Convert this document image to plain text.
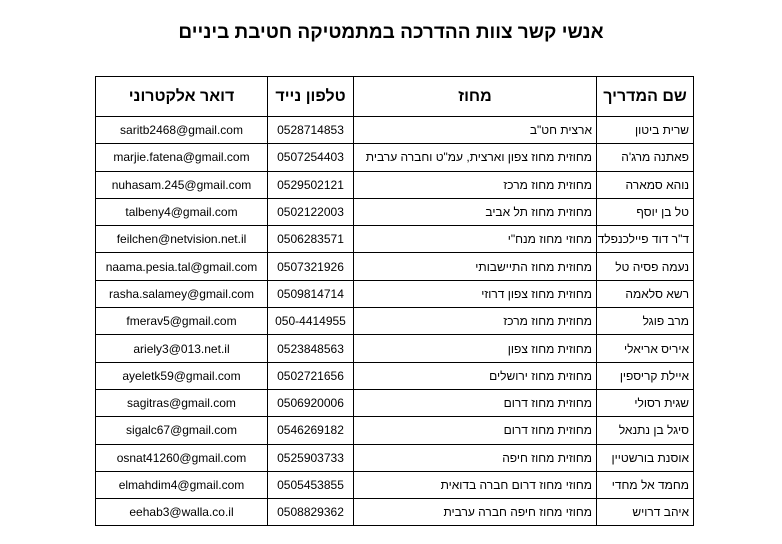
אנשי קשר צוות ההדרכה במתמטיקה חטיבת ביניים
שם המדריך	מחוז	טלפון נייד	דואר אלקטרוני
שרית ביטון	ארצית חט"ב	0528714853	saritb2468@gmail.com
פאתנה מרג'ה	מחוזית מחוז צפון וארצית, עמ"ט וחברה ערבית	0507254403	marjie.fatena@gmail.com
נוהא סמארה	מחוזית מחוז מרכז	0529502121	nuhasam.245@gmail.com
טל בן יוסף	מחוזית מחוז תל אביב	0502122003	talbeny4@gmail.com
ד"ר דוד פיילכנפלד	מחוזי מחוז מנח"י	0506283571	feilchen@netvision.net.il
נעמה פסיה טל	מחוזית מחוז התיישבותי	0507321926	naama.pesia.tal@gmail.com
רשא סלאמה	מחוזית מחוז צפון דרוזי	0509814714	rasha.salamey@gmail.com
מרב פוגל	מחוזית מחוז מרכז	050-4414955	fmerav5@gmail.com
איריס אריאלי	מחוזית מחוז צפון	0523848563	ariely3@013.net.il
איילת קריספין	מחוזית מחוז ירושלים	0502721656	ayeletk59@gmail.com
שגית רסולי	מחוזית מחוז דרום	0506920006	sagitras@gmail.com
סיגל בן נתנאל	מחוזית מחוז דרום	0546269182	sigalc67@gmail.com
אוסנת בורשטיין	מחוזית מחוז חיפה	0525903733	osnat41260@gmail.com
מחמד אל מחדי	מחוזי מחוז דרום חברה בדואית	0505453855	elmahdim4@gmail.com
איהב דרויש	מחוזי מחוז חיפה חברה ערבית	0508829362	eehab3@walla.co.il
